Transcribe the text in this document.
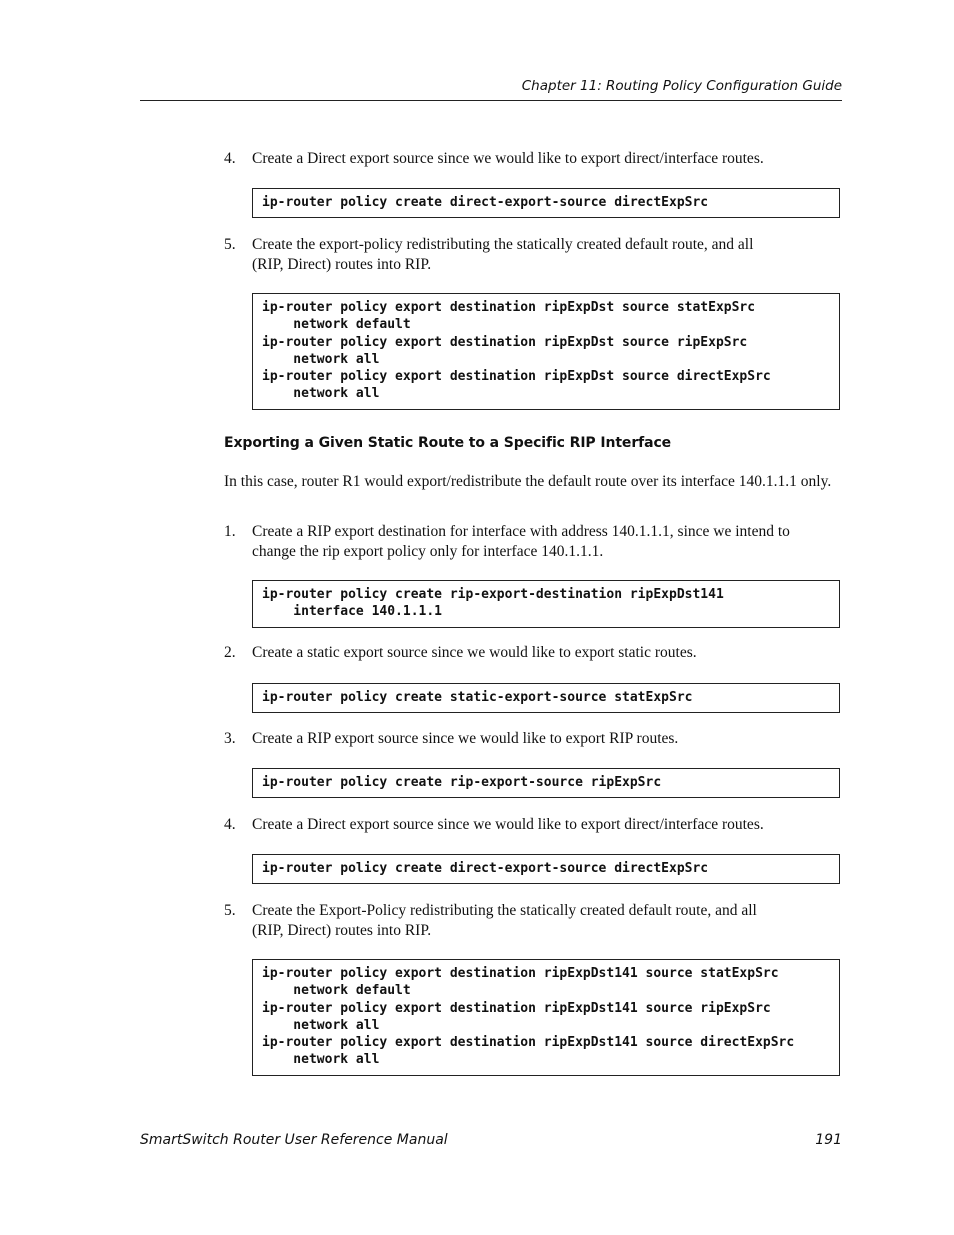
Chapter 11: Routing Policy Configuration Guide
4.	Create a Direct export source since we would like to export direct/interface routes.
ip-router policy create direct-export-source directExpSrc
5.	Create the export-policy redistributing the statically created default route, and all
(RIP, Direct) routes into RIP.
ip-router policy export destination ripExpDst source statExpSrc
network default
ip-router policy export destination ripExpDst source ripExpSrc
network all
ip-router policy export destination ripExpDst source directExpSrc
network all
Exporting a Given Static Route to a Specific RIP Interface
In this case, router R1 would export/redistribute the default route over its interface 140.1.1.1 only.
1.	Create a RIP export destination for interface with address 140.1.1.1, since we intend to
change the rip export policy only for interface 140.1.1.1.
ip-router policy create rip-export-destination ripExpDst141
interface 140.1.1.1
2.	Create a static export source since we would like to export static routes.
ip-router policy create static-export-source statExpSrc
3.	Create a RIP export source since we would like to export RIP routes.
ip-router policy create rip-export-source ripExpSrc
4.	Create a Direct export source since we would like to export direct/interface routes.
ip-router policy create direct-export-source directExpSrc
5.	Create the Export-Policy redistributing the statically created default route, and all
(RIP, Direct) routes into RIP.
ip-router policy export destination ripExpDst141 source statExpSrc
network default
ip-router policy export destination ripExpDst141 source ripExpSrc
network all
ip-router policy export destination ripExpDst141 source directExpSrc
network all
SmartSwitch Router User Reference Manual	191
